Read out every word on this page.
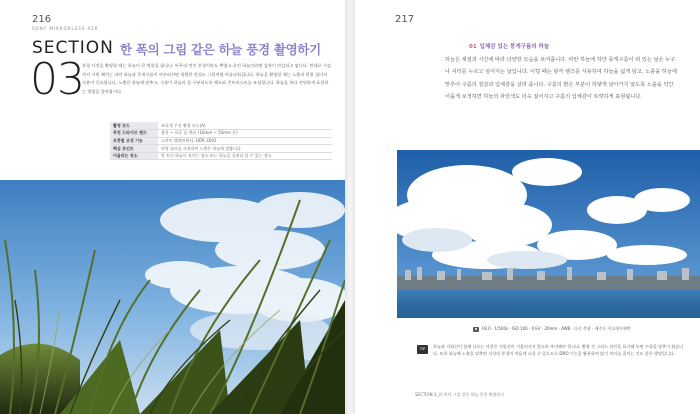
216
SONY MIRRORLESS 456
SECTION
03
한 폭의 그림 같은 하늘 풍경 촬영하기
풍경 사진을 촬영할 때는 하늘이 큰 역할을 합니다. 아무리 멋진 풍경이라도 뿌옇고 흐린 하늘이라면 감흥이 반감되고 맙니다. 반대로 가슴까지 시원 해지는 파란 하늘과 뭉게구름이 어우러지면 평범한 풍경도 그림처럼 아름다워집니다. 하늘을 촬영할 때는 노출과 편광 필터의 사용이 중요합니다. 노출은 하늘에 맞추고, 구름이 하늘과 잘 구분되도록 채도와 콘트라스트를 조절합니다. 하늘을 보다 선명하게 표현하는 방법을 알아봅시다.
촬영 모드	조리개 우선 촬영 모드(A)
추천 드라이브 렌즈	광각 ~ 표준 줌 렌즈 (16mm ~ 55mm 등)
보충할 조정 기능	스마트 텔레컨버터, HDR, DRO
핵심 포인트	편광 필터를 사용하여 노출은 하늘에 맞춥니다.
어울리는 장소	탁 트인 하늘이 보이는 장소 또는 하늘을 올려다 볼 수 있는 장소
217
01 입체감 있는 뭉게구름의 하늘
하늘은 계절과 시간에 따라 다양한 모습을 보여줍니다. 파란 하늘에 하얀 뭉게구름이 떠 있는 날은 누구나 셔터를 누르고 싶어지는 날입니다. 이럴 때는 광각 렌즈를 사용하여 하늘을 넓게 담고, 노출을 하늘에 맞추어 구름의 질감과 입체감을 살려 줍니다. 구름의 밝은 부분이 하얗게 날아가지 않도록 노출을 약간 어둡게 보정하면 하늘의 파란색도 더욱 짙어지고 구름의 입체감이 또렷하게 표현됩니다.
F8.0 · 1/500s · ISO 100 · 0 EV · 20mm · AWB · 다중 측광 · 제주도 이호테우해변
TIP	하늘과 지평선이 함께 나오는 사진은 지평선이 기울어지지 않도록 주의해야 합니다. 촬영 전 그리드 라인을 표시해 두면 수평을 맞추기 쉽습니다. 또한 하늘에 노출을 맞추면 지상의 풍경이 어둡게 나올 수 있으므로 DRO 기능을 활용하여 밝기 차이를 줄이는 것도 좋은 방법입니다.
SECTION 3_한 폭의 그림 같은 하늘 풍경 촬영하기
